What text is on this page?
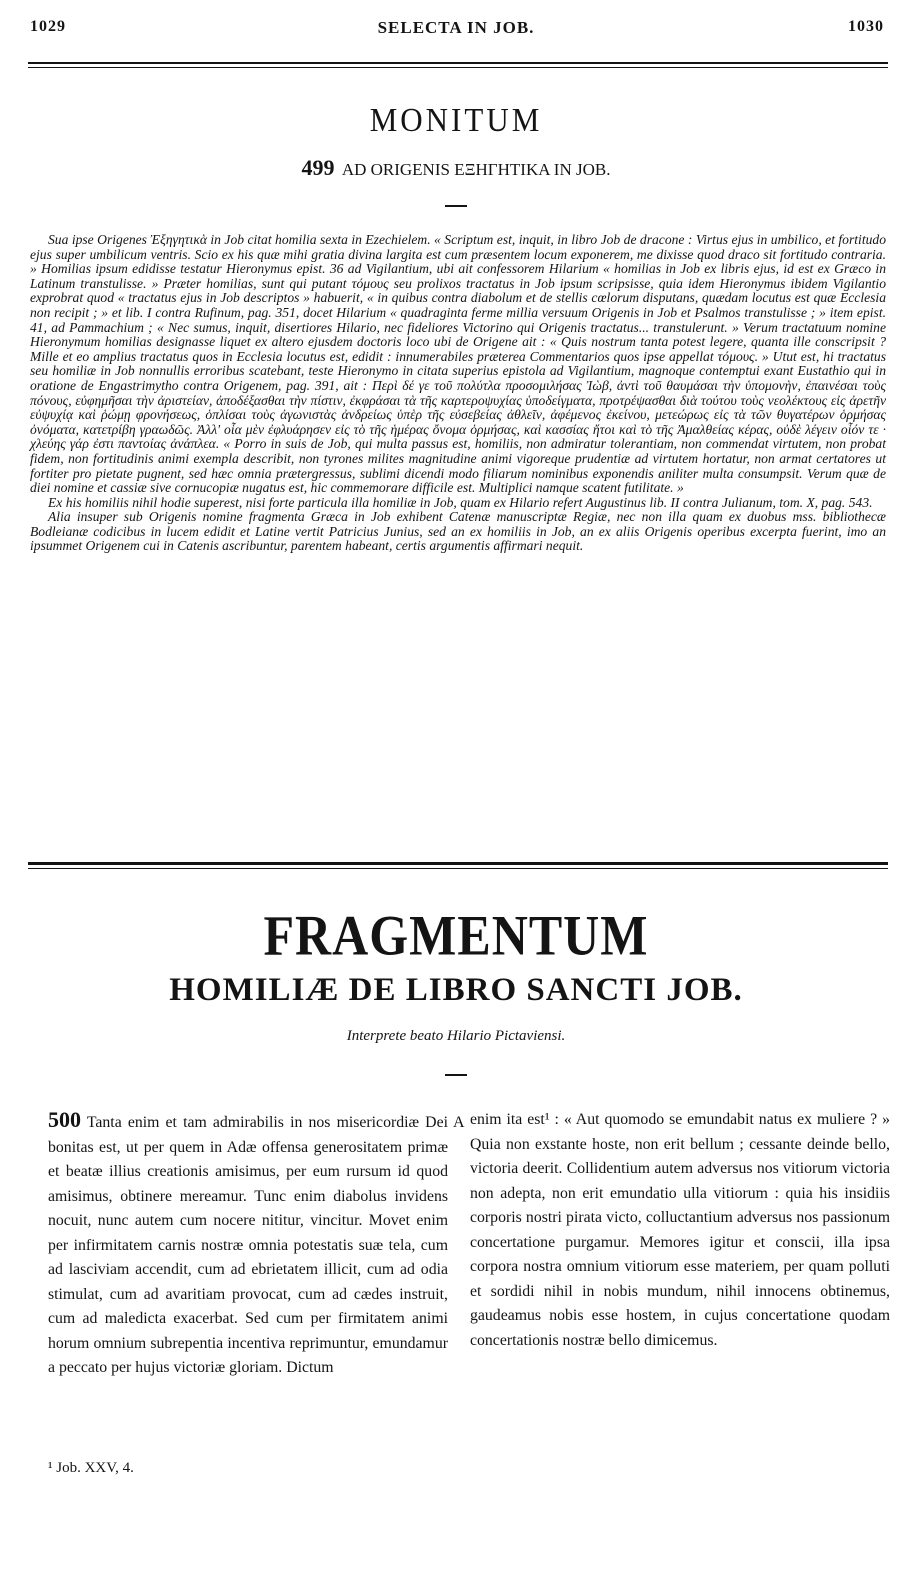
1029	SELECTA IN JOB.	1030
MONITUM
499 AD ORIGENIS ΕΞΗΓΗΤΙΚΑ IN JOB.

Sua ipse Origenes Ἐξηγητικὰ in Job citat homilia sexta in Ezechielem. « Scriptum est, inquit, in libro Job de dracone : Virtus ejus in umbilico, et fortitudo ejus super umbilicum ventris. Scio ex his quæ mihi gratia divina largita est cum præsentem locum exponerem, me dixisse quod draco sit fortitudo contraria. » Homilias ipsum edidisse testatur Hieronymus epist. 36 ad Vigilantium, ubi ait confessorem Hilarium « homilias in Job ex libris ejus, id est ex Græco in Latinum transtulisse. » Præter homilias, sunt qui putant τόμους seu prolixos tractatus in Job ipsum scripsisse, quia idem Hieronymus ibidem Vigilantio exprobrat quod « tractatus ejus in Job descriptos » habuerit, « in quibus contra diabolum et de stellis cœlorum disputans, quædam locutus est quæ Ecclesia non recipit ; » et lib. I contra Rufinum, pag. 351, docet Hilarium « quadraginta ferme millia versuum Origenis in Job et Psalmos transtulisse ; » item epist. 41, ad Pammachium ; « Nec sumus, inquit, disertiores Hilario, nec fideliores Victorino qui Origenis tractatus... transtulerunt. » Verum tractatuum nomine Hieronymum homilias designasse liquet ex altero ejusdem doctoris loco ubi de Origene ait : « Quis nostrum tanta potest legere, quanta ille conscripsit ? Mille et eo amplius tractatus quos in Ecclesia locutus est, edidit : innumerabiles præterea Commentarios quos ipse appellat τόμους. » Utut est, hi tractatus seu homiliæ in Job nonnullis erroribus scatebant, teste Hieronymo in citata superius epistola ad Vigilantium, magnoque contemptui exant Eustathio qui in oratione de Engastrimytho contra Origenem, pag. 391, ait : Περὶ δέ γε τοῦ πολύτλα προσομιλήσας Ἰὼβ, ἀντὶ τοῦ θαυμάσαι τὴν ὑπομονὴν, ἐπαινέσαι τοὺς πόνους, εὐφημῆσαι τὴν ἀριστείαν, ἀποδέξασθαι τὴν πίστιν, ἐκφράσαι τὰ τῆς καρτεροψυχίας ὑποδείγματα, προτρέψασθαι διὰ τούτου τοὺς νεολέκτους εἰς ἀρετῆν εὐψυχίᾳ καὶ ῥώμῃ φρονήσεως, ὁπλίσαι τοὺς ἀγωνιστὰς ἀνδρείως ὑπὲρ τῆς εὐσεβείας ἀθλεῖν, ἀφέμενος ἐκείνου, μετεώρως εἰς τὰ τῶν θυγατέρων ὁρμήσας ὀνόματα, κατετρίβη γραωδῶς. Ἀλλ' οἷα μὲν ἐφλυάρησεν εἰς τὸ τῆς ἡμέρας ὄνομα ὁρμήσας, καὶ κασσίας ἤτοι καὶ τὸ τῆς Ἀμαλθείας κέρας, οὐδὲ λέγειν οἷόν τε · χλεύης γάρ ἐστι παντοίας ἀνάπλεα. « Porro in suis de Job, qui multa passus est, homiliis, non admiratur tolerantiam, non commendat virtutem, non probat fidem, non fortitudinis animi exempla describit, non tyrones milites magnitudine animi vigoreque prudentiæ ad virtutem hortatur, non armat certatores ut fortiter pro pietate pugnent, sed hæc omnia prætergressus, sublimi dicendi modo filiarum nominibus exponendis aniliter multa consumpsit. Verum quæ de diei nomine et cassiæ sive cornucopiæ nugatus est, hic commemorare difficile est. Multiplici namque scatent futilitate. »

Ex his homiliis nihil hodie superest, nisi forte particula illa homiliæ in Job, quam ex Hilario refert Augustinus lib. II contra Julianum, tom. X, pag. 543.

Alia insuper sub Origenis nomine fragmenta Græca in Job exhibent Catenæ manuscriptæ Regiæ, nec non illa quam ex duobus mss. bibliothecæ Bodleianæ codicibus in lucem edidit et Latine vertit Patricius Junius, sed an ex homiliis in Job, an ex aliis Origenis operibus excerpta fuerint, imo an ipsummet Origenem cui in Catenis ascribuntur, parentem habeant, certis argumentis affirmari nequit.

FRAGMENTUM
HOMILIÆ DE LIBRO SANCTI JOB.
Interprete beato Hilario Pictaviensi.
500 Tanta enim et tam admirabilis in nos misericordiæ Dei bonitas est, ut per quem in Adæ offensa generositatem primæ et beatæ illius creationis amisimus, per eum rursum id quod amisimus, obtinere mereamur. Tunc enim diabolus invidens nocuit, nunc autem cum nocere nititur, vincitur. Movet enim per infirmitatem carnis nostræ omnia potestatis suæ tela, cum ad lasciviam accendit, cum ad ebrietatem illicit, cum ad odia stimulat, cum ad avaritiam provocat, cum ad cædes instruit, cum ad maledicta exacerbat. Sed cum per firmitatem animi horum omnium subrepentia incentiva reprimuntur, emundamur a peccato per hujus victoriæ gloriam. Dictum
A enim ita est¹ : « Aut quomodo se emundabit natus ex muliere ? » Quia non exstante hoste, non erit bellum ; cessante deinde bello, victoria deerit. Collidentium autem adversus nos vitiorum victoria non adepta, non erit emundatio ulla vitiorum : quia his insidiis corporis nostri pirata victo, colluctantium adversus nos passionum concertatione purgamur. Memores igitur et conscii, illa ipsa corpora nostra omnium vitiorum esse materiem, per quam polluti et sordidi nihil in nobis mundum, nihil innocens obtinemus, gaudeamus nobis esse hostem, in cujus concertatione quodam concertationis nostræ bello dimicemus.
¹ Job. XXV, 4.
